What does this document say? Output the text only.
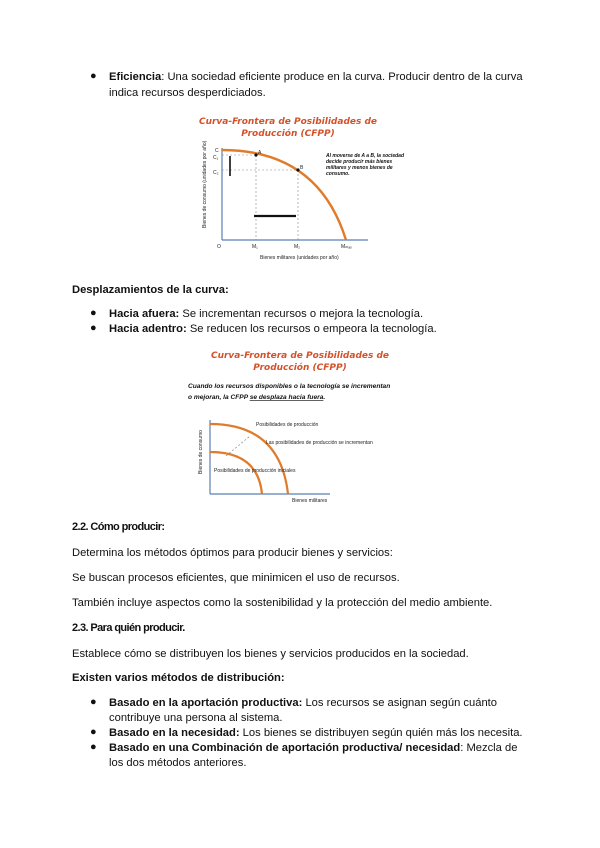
● Eficiencia: Una sociedad eficiente produce en la curva. Producir dentro de la curva
indica recursos desperdiciados.
Curva-Frontera de Posibilidades de
Producción (CFPP)
C
C₁
C₂
O	M₁	M₂	Mₘₐₓ
A
B
Bienes de consumo (unidades por año)
Bienes militares (unidades por año)
Al moverse de A a B, la sociedad decide producir más bienes militares y menos bienes de consumo.
Desplazamientos de la curva:
● Hacia afuera: Se incrementan recursos o mejora la tecnología.
● Hacia adentro: Se reducen los recursos o empeora la tecnología.
Curva-Frontera de Posibilidades de
Producción (CFPP)
Cuando los recursos disponibles o la tecnología se incrementan
o mejoran, la CFPP se desplaza hacia fuera.
Posibilidades de producción
Las posibilidades de producción se incrementan
Posibilidades de producción iniciales
Bienes militares
Bienes de consumo
2.2. Cómo producir:
Determina los métodos óptimos para producir bienes y servicios:
Se buscan procesos eficientes, que minimicen el uso de recursos.
También incluye aspectos como la sostenibilidad y la protección del medio ambiente.
2.3. Para quién producir.
Establece cómo se distribuyen los bienes y servicios producidos en la sociedad.
Existen varios métodos de distribución:
● Basado en la aportación productiva: Los recursos se asignan según cuánto
contribuye una persona al sistema.
● Basado en la necesidad: Los bienes se distribuyen según quién más los necesita.
● Basado en una Combinación de aportación productiva/ necesidad: Mezcla de
los dos métodos anteriores.
